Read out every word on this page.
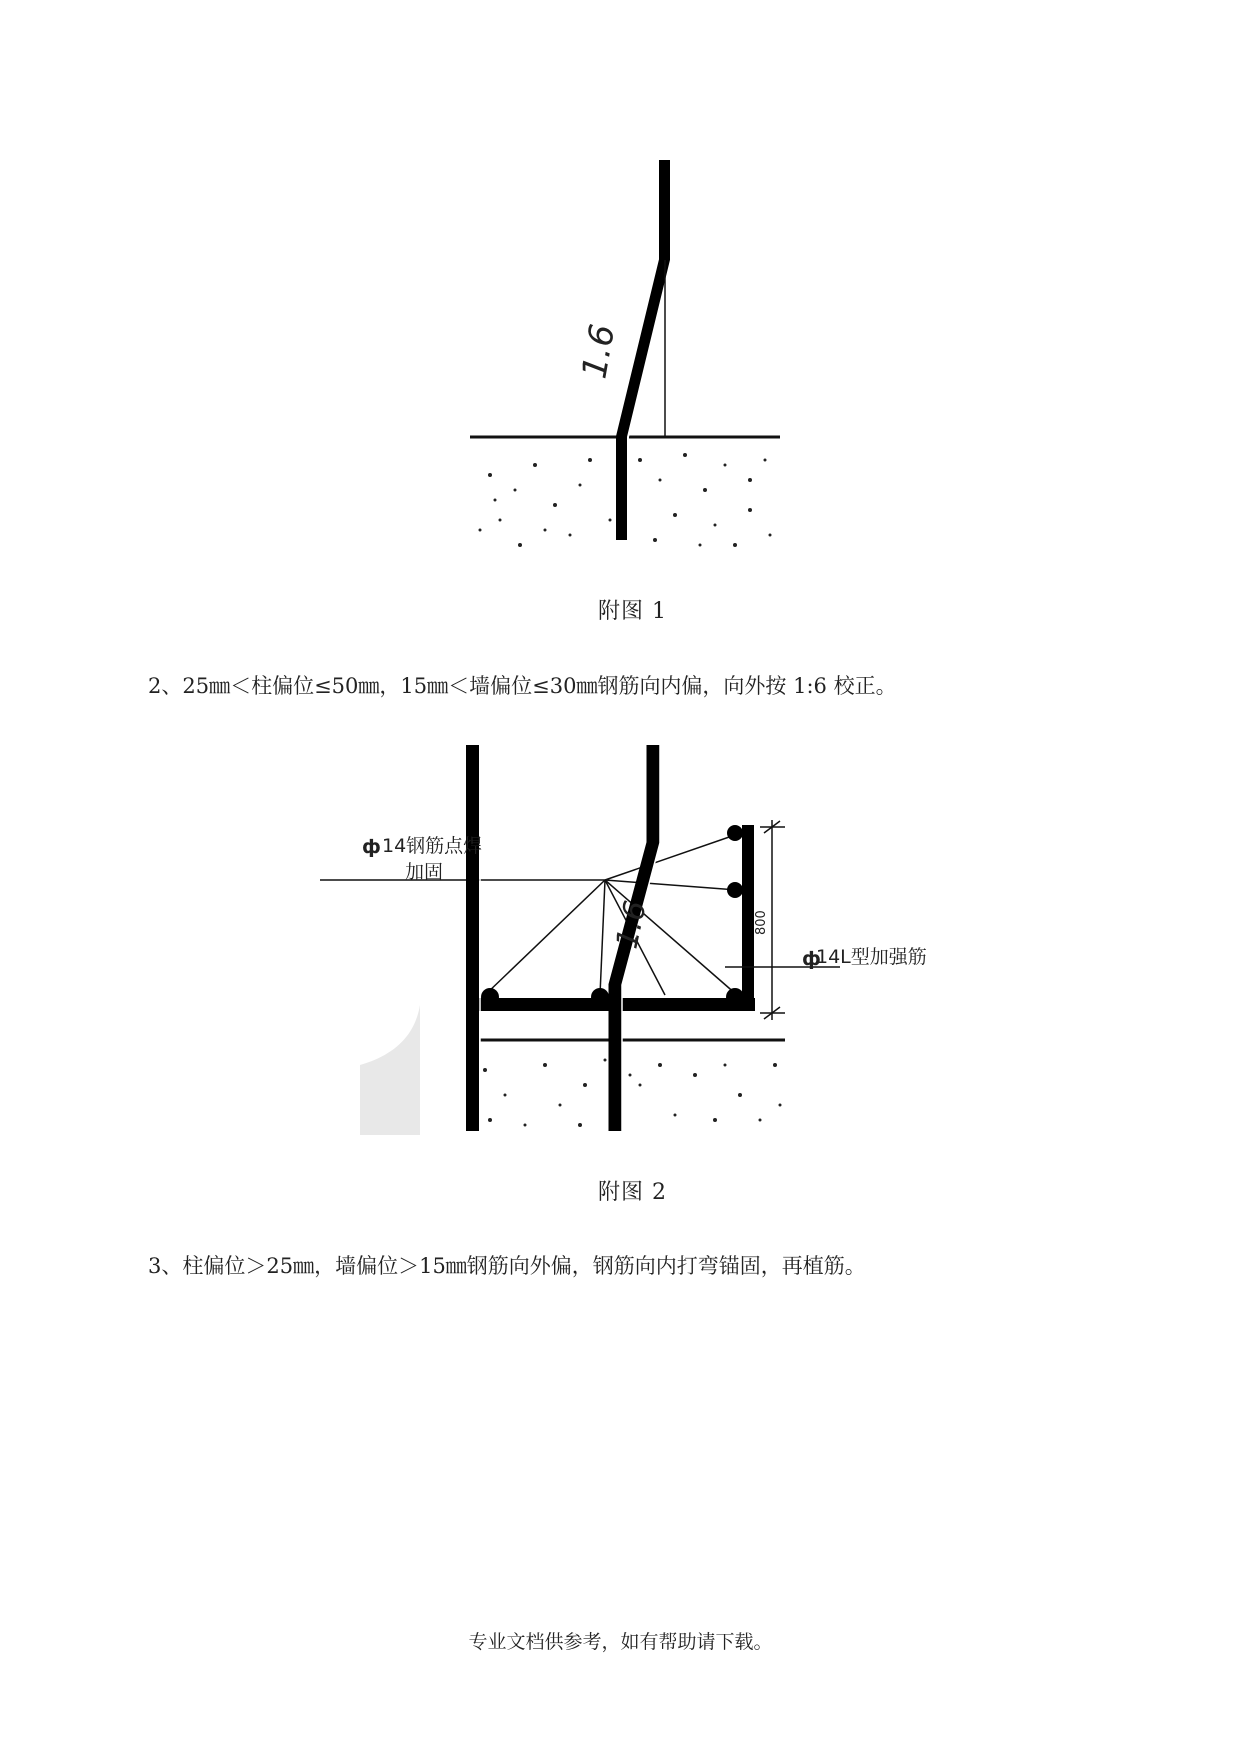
1.6
附图 1
2、25㎜＜柱偏位≤50㎜，15㎜＜墙偏位≤30㎜钢筋向内偏，向外按 1:6 校正。
800
1.6
ф 14钢筋点焊
加固
ф
14L型加强筋
附图 2
3、柱偏位＞25㎜，墙偏位＞15㎜钢筋向外偏，钢筋向内打弯锚固，再植筋。
专业文档供参考，如有帮助请下载。
